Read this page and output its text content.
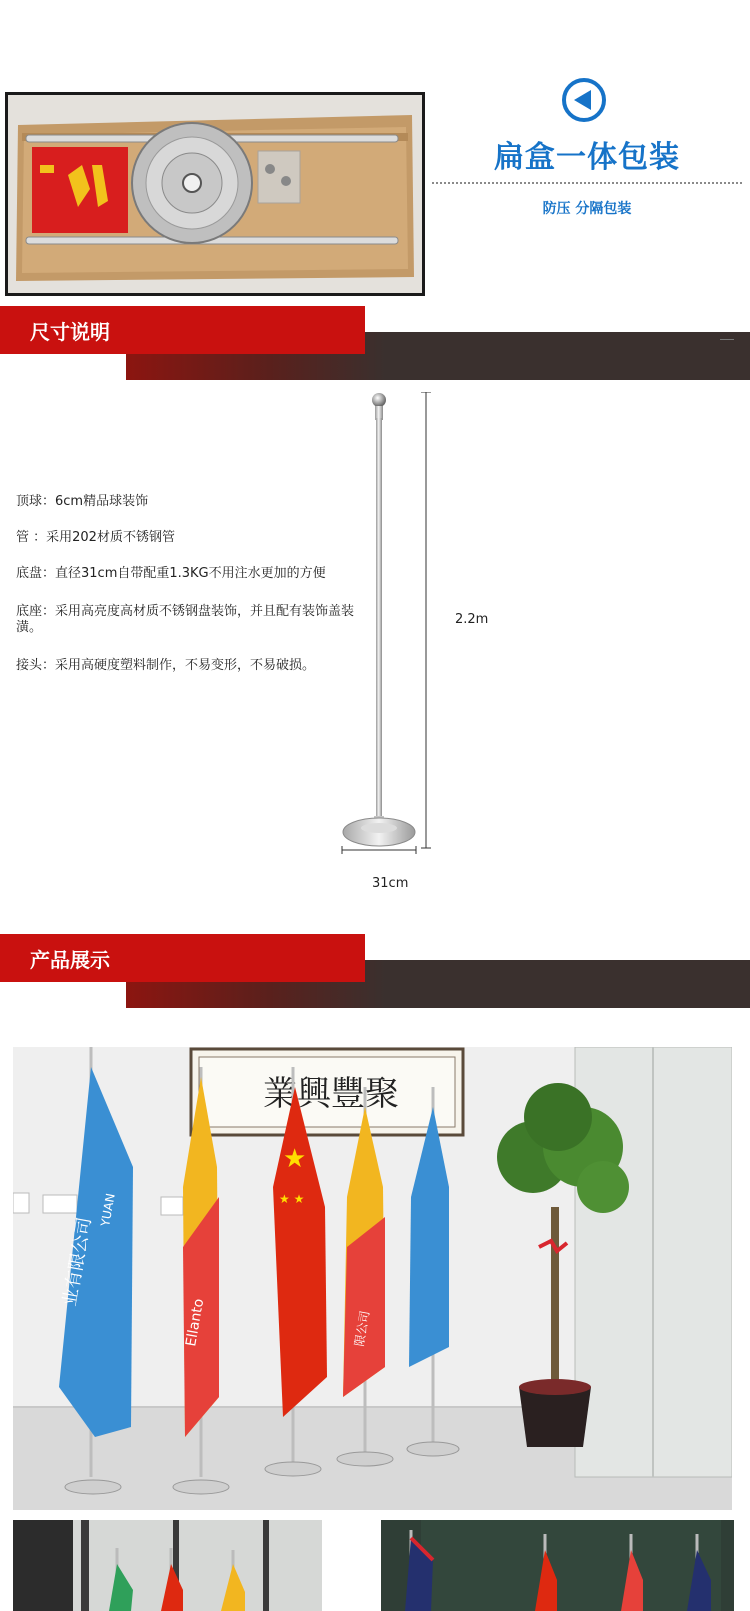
扁盒一体包装
防压 分隔包装
尺寸说明
顶球：6cm精品球装饰
管 ：采用202材质不锈钢管
底盘：直径31cm自带配重1.3KG不用注水更加的方便
底座：采用高亮度高材质不锈钢盘装饰，并且配有装饰盖装潢。
接头：采用高硬度塑料制作，不易变形，不易破损。
2.2m
31cm
产品展示
業興豐聚
业有限公司
YUAN
Ellanto
★
★ ★
限公司
